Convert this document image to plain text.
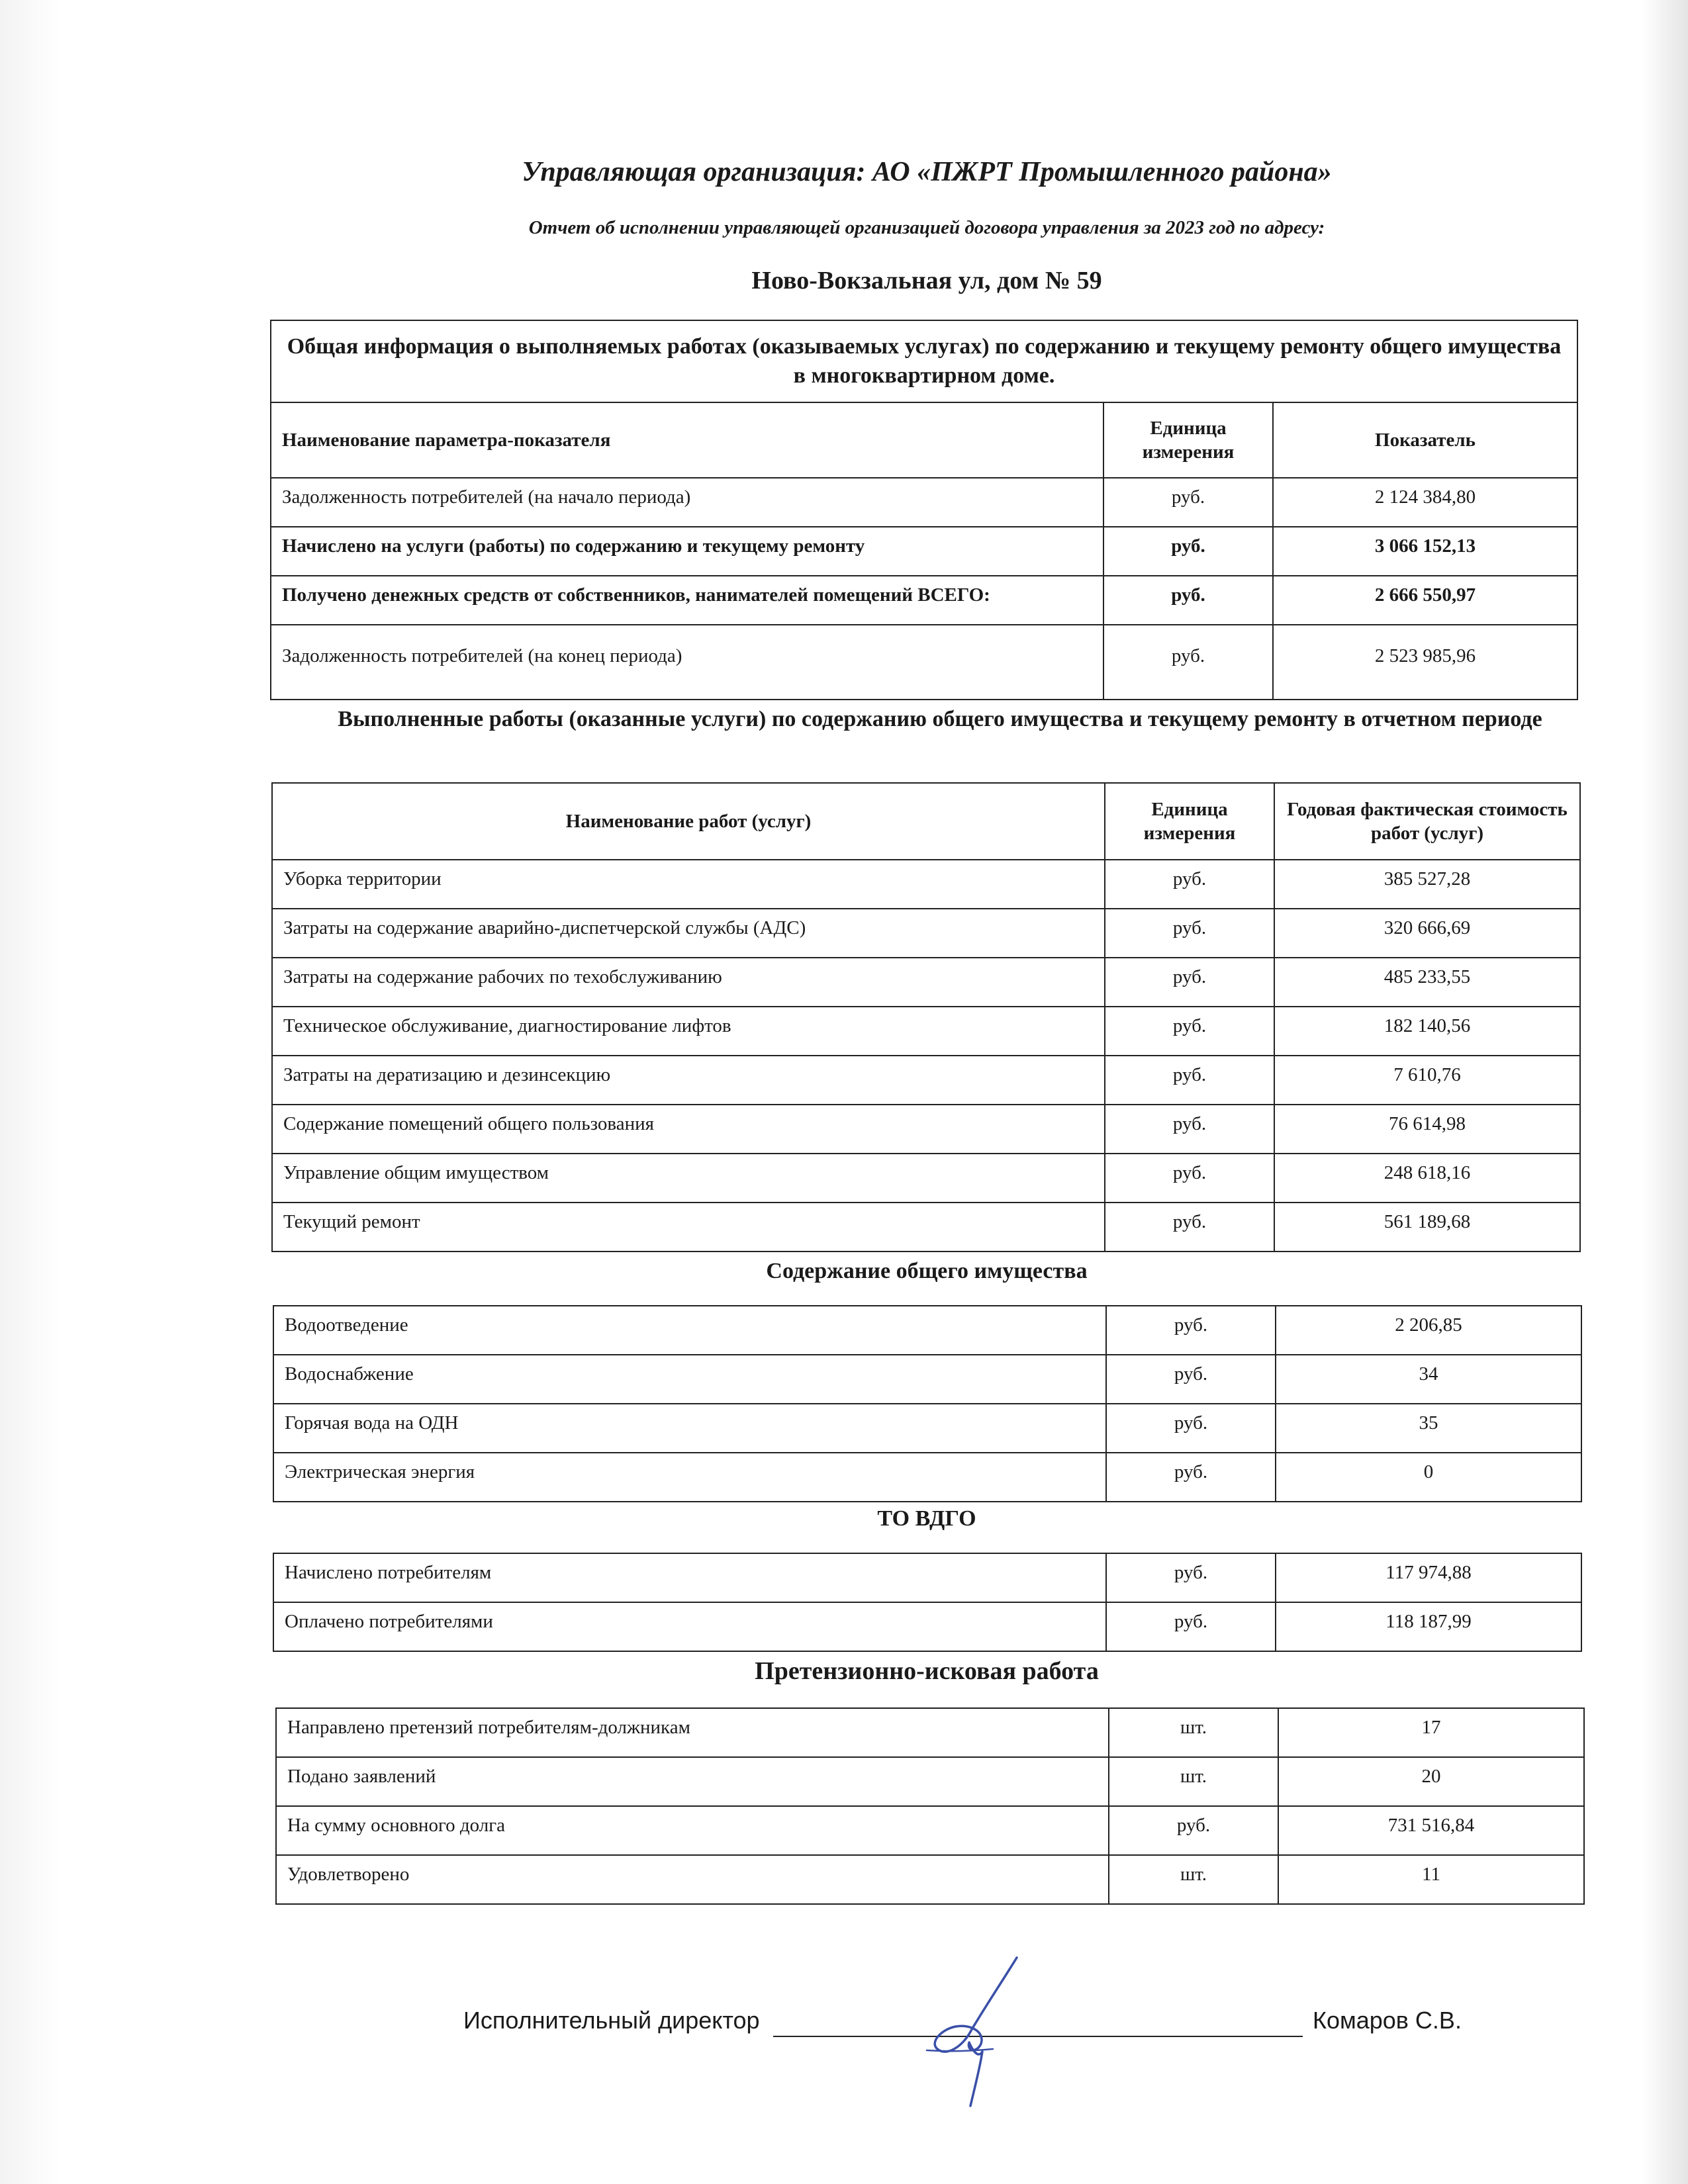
Управляющая организация: АО «ПЖРТ Промышленного района»
Отчет об исполнении управляющей организацией договора управления за 2023 год по адресу:
Ново-Вокзальная ул, дом № 59
Общая информация о выполняемых работах (оказываемых услугах) по содержанию и текущему ремонту общего имущества в многоквартирном доме.		
Наименование параметра-показателя	Единица измерения	Показатель
Задолженность потребителей (на начало периода)	руб.	2 124 384,80
Начислено на услуги (работы) по содержанию и текущему ремонту	руб.	3 066 152,13
Получено денежных средств от собственников, нанимателей помещений ВСЕГО:	руб.	2 666 550,97
Задолженность потребителей (на конец периода)	руб.	2 523 985,96
Выполненные работы (оказанные услуги) по содержанию общего имущества и текущему ремонту в отчетном периоде
Наименование работ (услуг)	Единица измерения	Годовая фактическая стоимость работ (услуг)
Уборка территории	руб.	385 527,28
Затраты на содержание аварийно-диспетчерской службы (АДС)	руб.	320 666,69
Затраты на содержание рабочих по техобслуживанию	руб.	485 233,55
Техническое обслуживание, диагностирование лифтов	руб.	182 140,56
Затраты на дератизацию и дезинсекцию	руб.	7 610,76
Содержание помещений общего пользования	руб.	76 614,98
Управление общим имуществом	руб.	248 618,16
Текущий ремонт	руб.	561 189,68
Содержание общего имущества
Водоотведение	руб.	2 206,85
Водоснабжение	руб.	34
Горячая вода на ОДН	руб.	35
Электрическая энергия	руб.	0
ТО ВДГО
Начислено потребителям	руб.	117 974,88
Оплачено потребителями	руб.	118 187,99
Претензионно-исковая работа
Направлено претензий потребителям-должникам	шт.	17
Подано заявлений	шт.	20
На сумму основного долга	руб.	731 516,84
Удовлетворено	шт.	11
Исполнительный директор	Комаров С.В.
